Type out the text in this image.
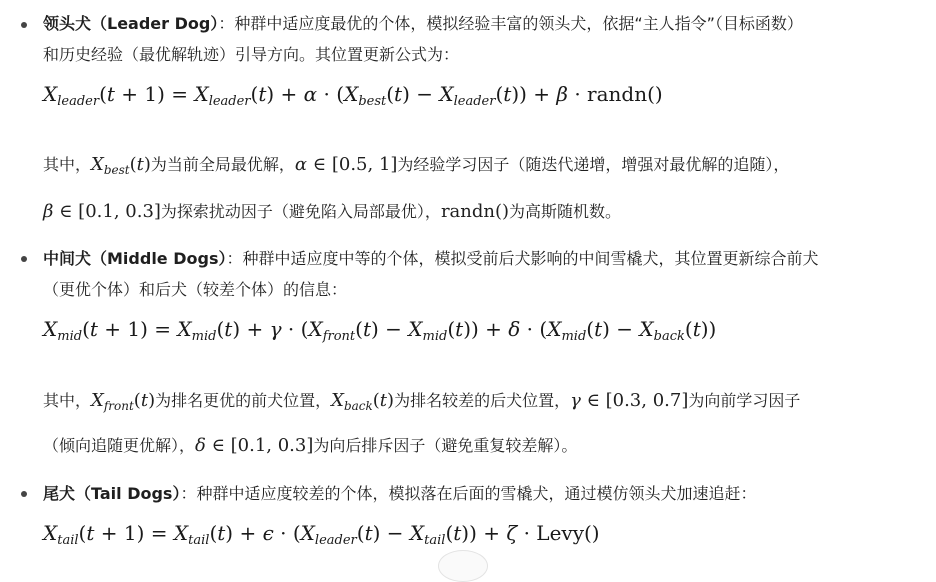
领头犬（Leader Dog）：种群中适应度最优的个体，模拟经验丰富的领头犬，依据“主人指令”（目标函数）
和历史经验（最优解轨迹）引导方向。其位置更新公式为：
$X_{leader}(t + 1) = X_{leader}(t) + \alpha \cdot (X_{best}(t) - X_{leader}(t)) + \beta$ · randn()
其中，$X_{best}(t)$为当前全局最优解，α ∈ [0.5, 1]为经验学习因子（随迭代递增，增强对最优解的追随），
β ∈ [0.1, 0.3]为探索扰动因子（避免陷入局部最优），randn()为高斯随机数。
中间犬（Middle Dogs）：种群中适应度中等的个体，模拟受前后犬影响的中间雪橇犬，其位置更新综合前犬
（更优个体）和后犬（较差个体）的信息：
$X_{mid}(t + 1) = X_{mid}(t) + \gamma \cdot (X_{front}(t) - X_{mid}(t)) + \delta \cdot (X_{mid}(t) - X_{back}(t))$
其中，$X_{front}(t)$为排名更优的前犬位置，$X_{back}(t)$为排名较差的后犬位置，γ ∈ [0.3, 0.7]为向前学习因子
（倾向追随更优解），δ ∈ [0.1, 0.3]为向后排斥因子（避免重复较差解）。
尾犬（Tail Dogs）：种群中适应度较差的个体，模拟落在后面的雪橇犬，通过模仿领头犬加速追赶：
$X_{tail}(t + 1) = X_{tail}(t) + \epsilon \cdot (X_{leader}(t) - X_{tail}(t)) + \zeta$ · Levy()
